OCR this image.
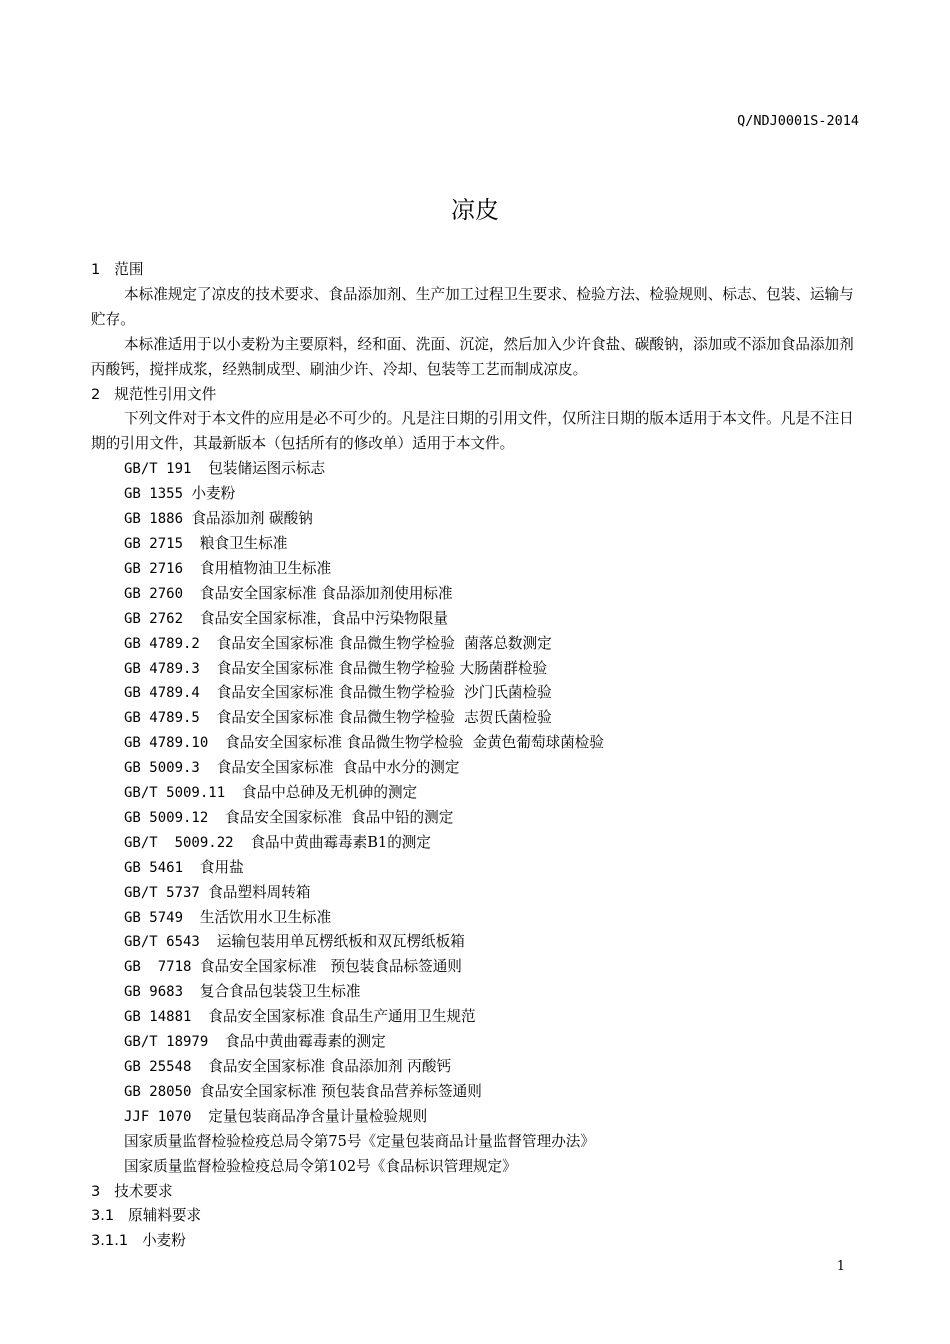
Q/NDJ0001S-2014
凉皮
1 范围

本标准规定了凉皮的技术要求、食品添加剂、生产加工过程卫生要求、检验方法、检验规则、标志、包装、运输与贮存。

本标准适用于以小麦粉为主要原料，经和面、洗面、沉淀，然后加入少许食盐、碳酸钠，添加或不添加食品添加剂丙酸钙，搅拌成浆，经熟制成型、刷油少许、冷却、包装等工艺而制成凉皮。

2 规范性引用文件

下列文件对于本文件的应用是必不可少的。凡是注日期的引用文件，仅所注日期的版本适用于本文件。凡是不注日期的引用文件，其最新版本（包括所有的修改单）适用于本文件。

GB/T 191 包装储运图示标志
GB 1355 小麦粉
GB 1886 食品添加剂 碳酸钠
GB 2715 粮食卫生标准
GB 2716 食用植物油卫生标准
GB 2760 食品安全国家标准 食品添加剂使用标准
GB 2762 食品安全国家标准，食品中污染物限量
GB 4789.2 食品安全国家标准 食品微生物学检验  菌落总数测定
GB 4789.3 食品安全国家标准 食品微生物学检验 大肠菌群检验
GB 4789.4 食品安全国家标准 食品微生物学检验  沙门氏菌检验
GB 4789.5 食品安全国家标准 食品微生物学检验  志贺氏菌检验
GB 4789.10 食品安全国家标准 食品微生物学检验  金黄色葡萄球菌检验
GB 5009.3 食品安全国家标准  食品中水分的测定
GB/T 5009.11 食品中总砷及无机砷的测定
GB 5009.12 食品安全国家标准  食品中铅的测定
GB/T  5009.22 食品中黄曲霉毒素B1的测定
GB 5461 食用盐
GB/T 5737 食品塑料周转箱
GB 5749 生活饮用水卫生标准
GB/T 6543 运输包装用单瓦楞纸板和双瓦楞纸板箱
GB  7718 食品安全国家标准   预包装食品标签通则
GB 9683 复合食品包装袋卫生标准
GB 14881 食品安全国家标准 食品生产通用卫生规范
GB/T 18979 食品中黄曲霉毒素的测定
GB 25548 食品安全国家标准 食品添加剂 丙酸钙
GB 28050 食品安全国家标准 预包装食品营养标签通则
JJF 1070 定量包装商品净含量计量检验规则
国家质量监督检验检疫总局令第75号《定量包装商品计量监督管理办法》
国家质量监督检验检疫总局令第102号《食品标识管理规定》
3 技术要求
3.1 原辅料要求
3.1.1 小麦粉
1
